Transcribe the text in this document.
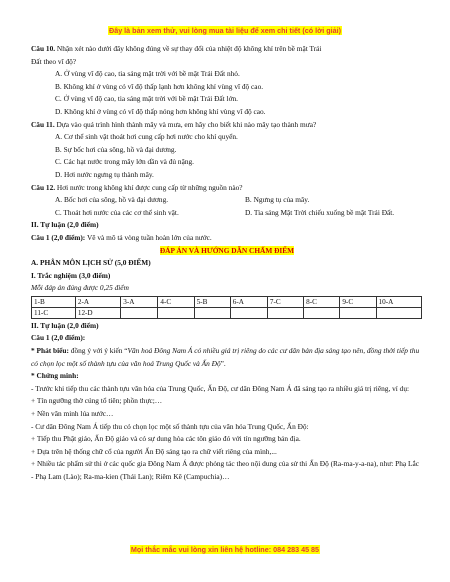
Đây là bản xem thử, vui lòng mua tài liệu để xem chi tiết (có lời giải)
Câu 10. Nhận xét nào dưới đây không đúng về sự thay đổi của nhiệt độ không khí trên bề mặt Trái
Đất theo vĩ độ?
A. Ở vùng vĩ độ cao, tia sáng mặt trời với bề mặt Trái Đất nhỏ.
B. Không khí ở vùng có vĩ độ thấp lạnh hơn không khí vùng vĩ độ cao.
C. Ở vùng vĩ độ cao, tia sáng mặt trời với bề mặt Trái Đất lớn.
D. Không khí ở vùng có vĩ độ thấp nóng hơn không khí vùng vĩ độ cao.
Câu 11. Dựa vào quá trình hình thành mây và mưa, em hãy cho biết khi nào mây tạo thành mưa?
A. Cơ thể sinh vật thoát hơi cung cấp hơi nước cho khí quyển.
B. Sự bốc hơi của sông, hồ và đại dương.
C. Các hạt nước trong mây lớn dần và đủ nặng.
D. Hơi nước ngưng tụ thành mây.
Câu 12. Hơi nước trong không khí được cung cấp từ những nguồn nào?
A. Bốc hơi của sông, hồ và đại dương.	B. Ngưng tụ của mây.
C. Thoát hơi nước của các cơ thể sinh vật.	D. Tia sáng Mặt Trời chiếu xuống bề mặt Trái Đất.
II. Tự luận (2,0 điểm)
Câu 1 (2,0 điểm): Vẽ và mô tả vòng tuần hoàn lớn của nước.
ĐÁP ÁN VÀ HƯỚNG DẪN CHẤM ĐIỂM
A. PHÂN MÔN LỊCH SỬ (5,0 ĐIỂM)
I. Trắc nghiệm (3,0 điểm)
Mỗi đáp án đúng được 0,25 điểm
1-B	2-A	3-A	4-C	5-B	6-A	7-C	8-C	9-C	10-A
11-C	12-D								
II. Tự luận (2,0 điểm)
Câu 1 (2,0 điểm):
* Phát biểu: đồng ý với ý kiến “Văn hoá Đông Nam Á có nhiều giá trị riêng do các cư dân bản địa sáng tạo nên, đồng thời tiếp thu có chọn lọc một số thành tựu của văn hoá Trung Quốc và Ấn Độ”.
* Chứng minh:
- Trước khi tiếp thu các thành tựu văn hóa của Trung Quốc, Ấn Độ, cư dân Đông Nam Á đã sáng tạo ra nhiều giá trị riêng, ví dụ:
+ Tín ngưỡng thờ cúng tổ tiên; phồn thực;…
+ Nền văn minh lúa nước…
- Cư dân Đông Nam Á tiếp thu có chọn lọc một số thành tựu của văn hóa Trung Quốc, Ấn Độ:
+ Tiếp thu Phật giáo, Ấn Độ giáo và có sự dung hòa các tôn giáo đó với tín ngưỡng bản địa.
+ Dựa trên hệ thống chữ cổ của người Ấn Độ sáng tạo ra chữ viết riêng của mình,...
+ Nhiều tác phẩm sử thi ở các quốc gia Đông Nam Á được phỏng tác theo nội dung của sử thi Ấn Độ (Ra-ma-y-a-na), như: Phạ Lắc - Phạ Lam (Lào); Ra-ma-kien (Thái Lan); Riêm Kê (Campuchia)…
Mọi thắc mắc vui lòng xin liên hệ hotline: 084 283 45 85
